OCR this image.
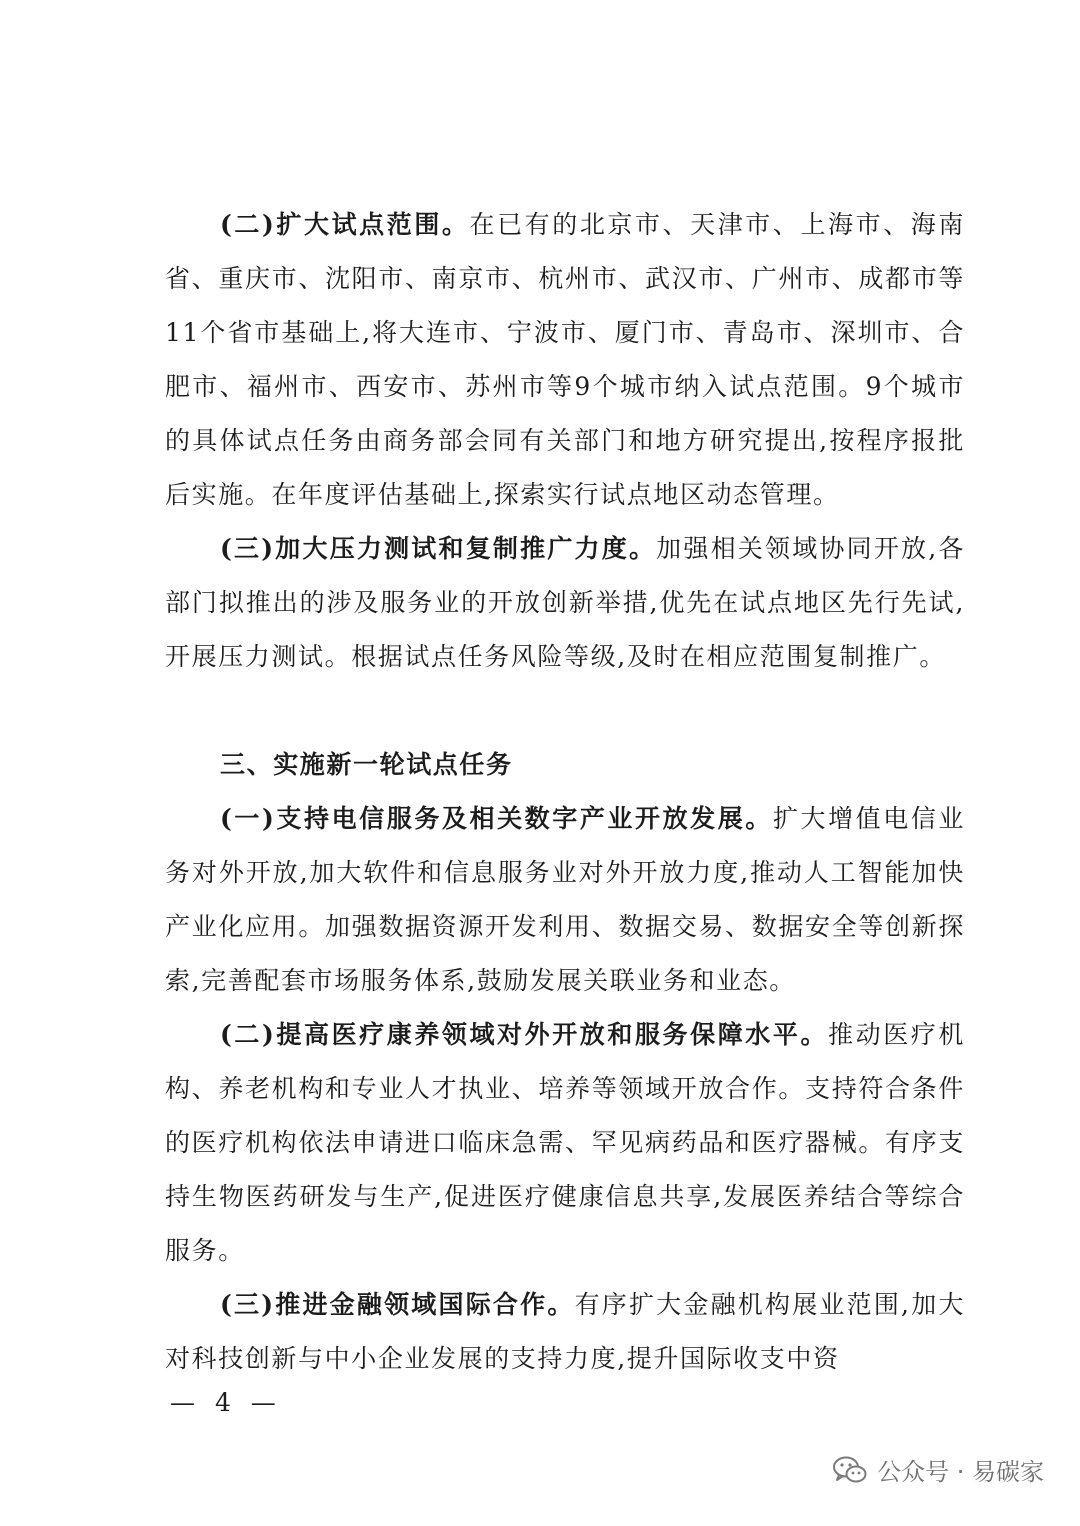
(二)扩大试点范围。在已有的北京市、天津市、上海市、海南省、重庆市、沈阳市、南京市、杭州市、武汉市、广州市、成都市等11个省市基础上,将大连市、宁波市、厦门市、青岛市、深圳市、合肥市、福州市、西安市、苏州市等9个城市纳入试点范围。9个城市的具体试点任务由商务部会同有关部门和地方研究提出,按程序报批后实施。在年度评估基础上,探索实行试点地区动态管理。

(三)加大压力测试和复制推广力度。加强相关领域协同开放,各部门拟推出的涉及服务业的开放创新举措,优先在试点地区先行先试,开展压力测试。根据试点任务风险等级,及时在相应范围复制推广。

三、实施新一轮试点任务

(一)支持电信服务及相关数字产业开放发展。扩大增值电信业务对外开放,加大软件和信息服务业对外开放力度,推动人工智能加快产业化应用。加强数据资源开发利用、数据交易、数据安全等创新探索,完善配套市场服务体系,鼓励发展关联业务和业态。

(二)提高医疗康养领域对外开放和服务保障水平。推动医疗机构、养老机构和专业人才执业、培养等领域开放合作。支持符合条件的医疗机构依法申请进口临床急需、罕见病药品和医疗器械。有序支持生物医药研发与生产,促进医疗健康信息共享,发展医养结合等综合服务。

(三)推进金融领域国际合作。有序扩大金融机构展业范围,加大对科技创新与中小企业发展的支持力度,提升国际收支中资

— 4 —
公众号 · 易碳家
